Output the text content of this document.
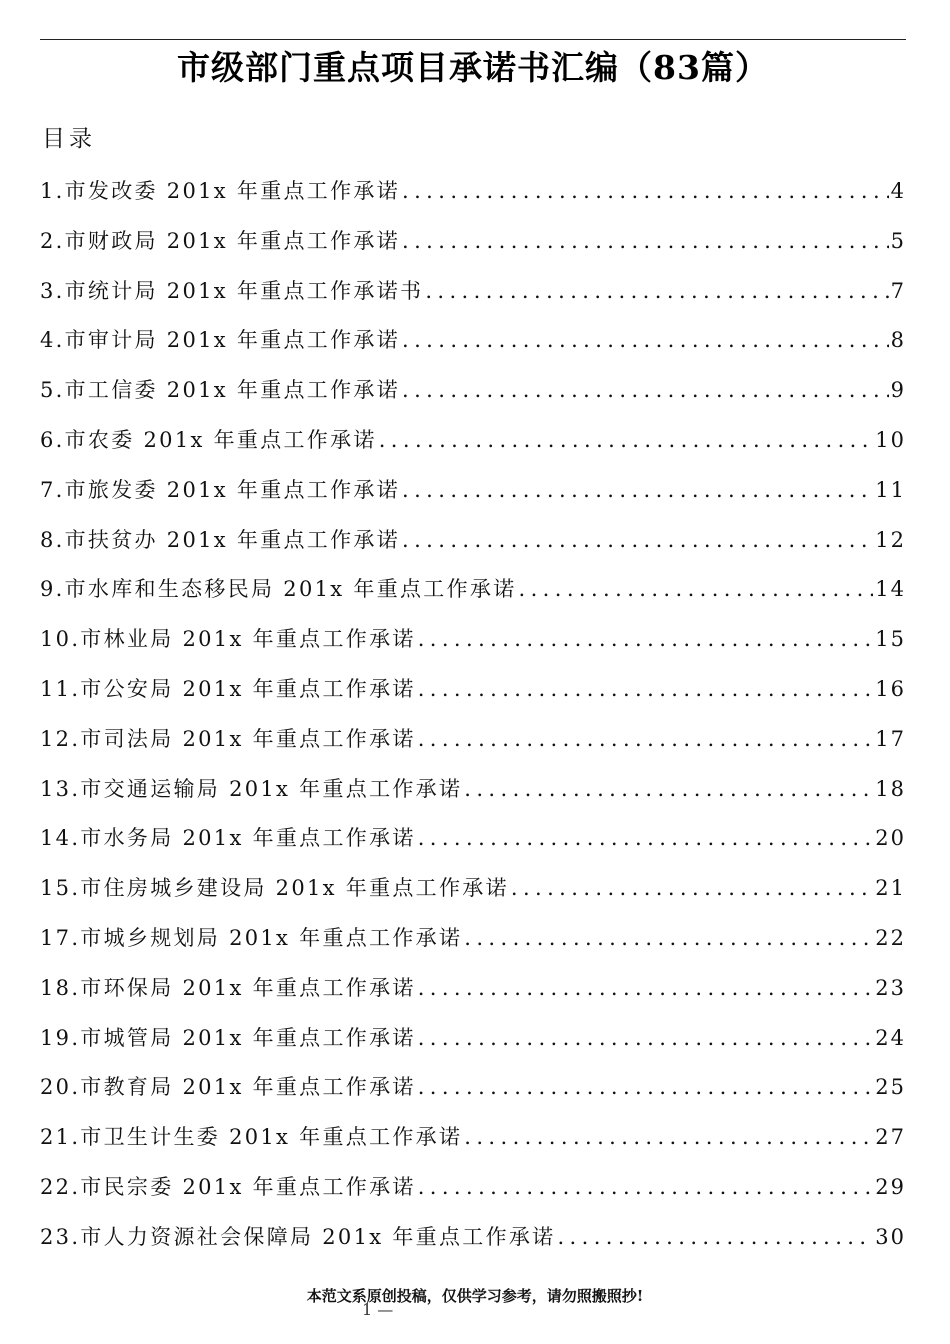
市级部门重点项目承诺书汇编（83篇）
目录
1.市发改委 201x 年重点工作承诺 .....	4
2.市财政局 201x 年重点工作承诺 .....	5
3.市统计局 201x 年重点工作承诺书 .....	7
4.市审计局 201x 年重点工作承诺 .....	8
5.市工信委 201x 年重点工作承诺 .....	9
6.市农委 201x 年重点工作承诺 .....	10
7.市旅发委 201x 年重点工作承诺 .....	11
8.市扶贫办 201x 年重点工作承诺 .....	12
9.市水库和生态移民局 201x 年重点工作承诺 .....	14
10.市林业局 201x 年重点工作承诺 .....	15
11.市公安局 201x 年重点工作承诺 .....	16
12.市司法局 201x 年重点工作承诺 .....	17
13.市交通运输局 201x 年重点工作承诺 .....	18
14.市水务局 201x 年重点工作承诺 .....	20
15.市住房城乡建设局 201x 年重点工作承诺 .....	21
17.市城乡规划局 201x 年重点工作承诺 .....	22
18.市环保局 201x 年重点工作承诺 .....	23
19.市城管局 201x 年重点工作承诺 .....	24
20.市教育局 201x 年重点工作承诺 .....	25
21.市卫生计生委 201x 年重点工作承诺 .....	27
22.市民宗委 201x 年重点工作承诺 .....	29
23.市人力资源社会保障局 201x 年重点工作承诺 .....	30
本范文系原创投稿，仅供学习参考，请勿照搬照抄!
1 —
